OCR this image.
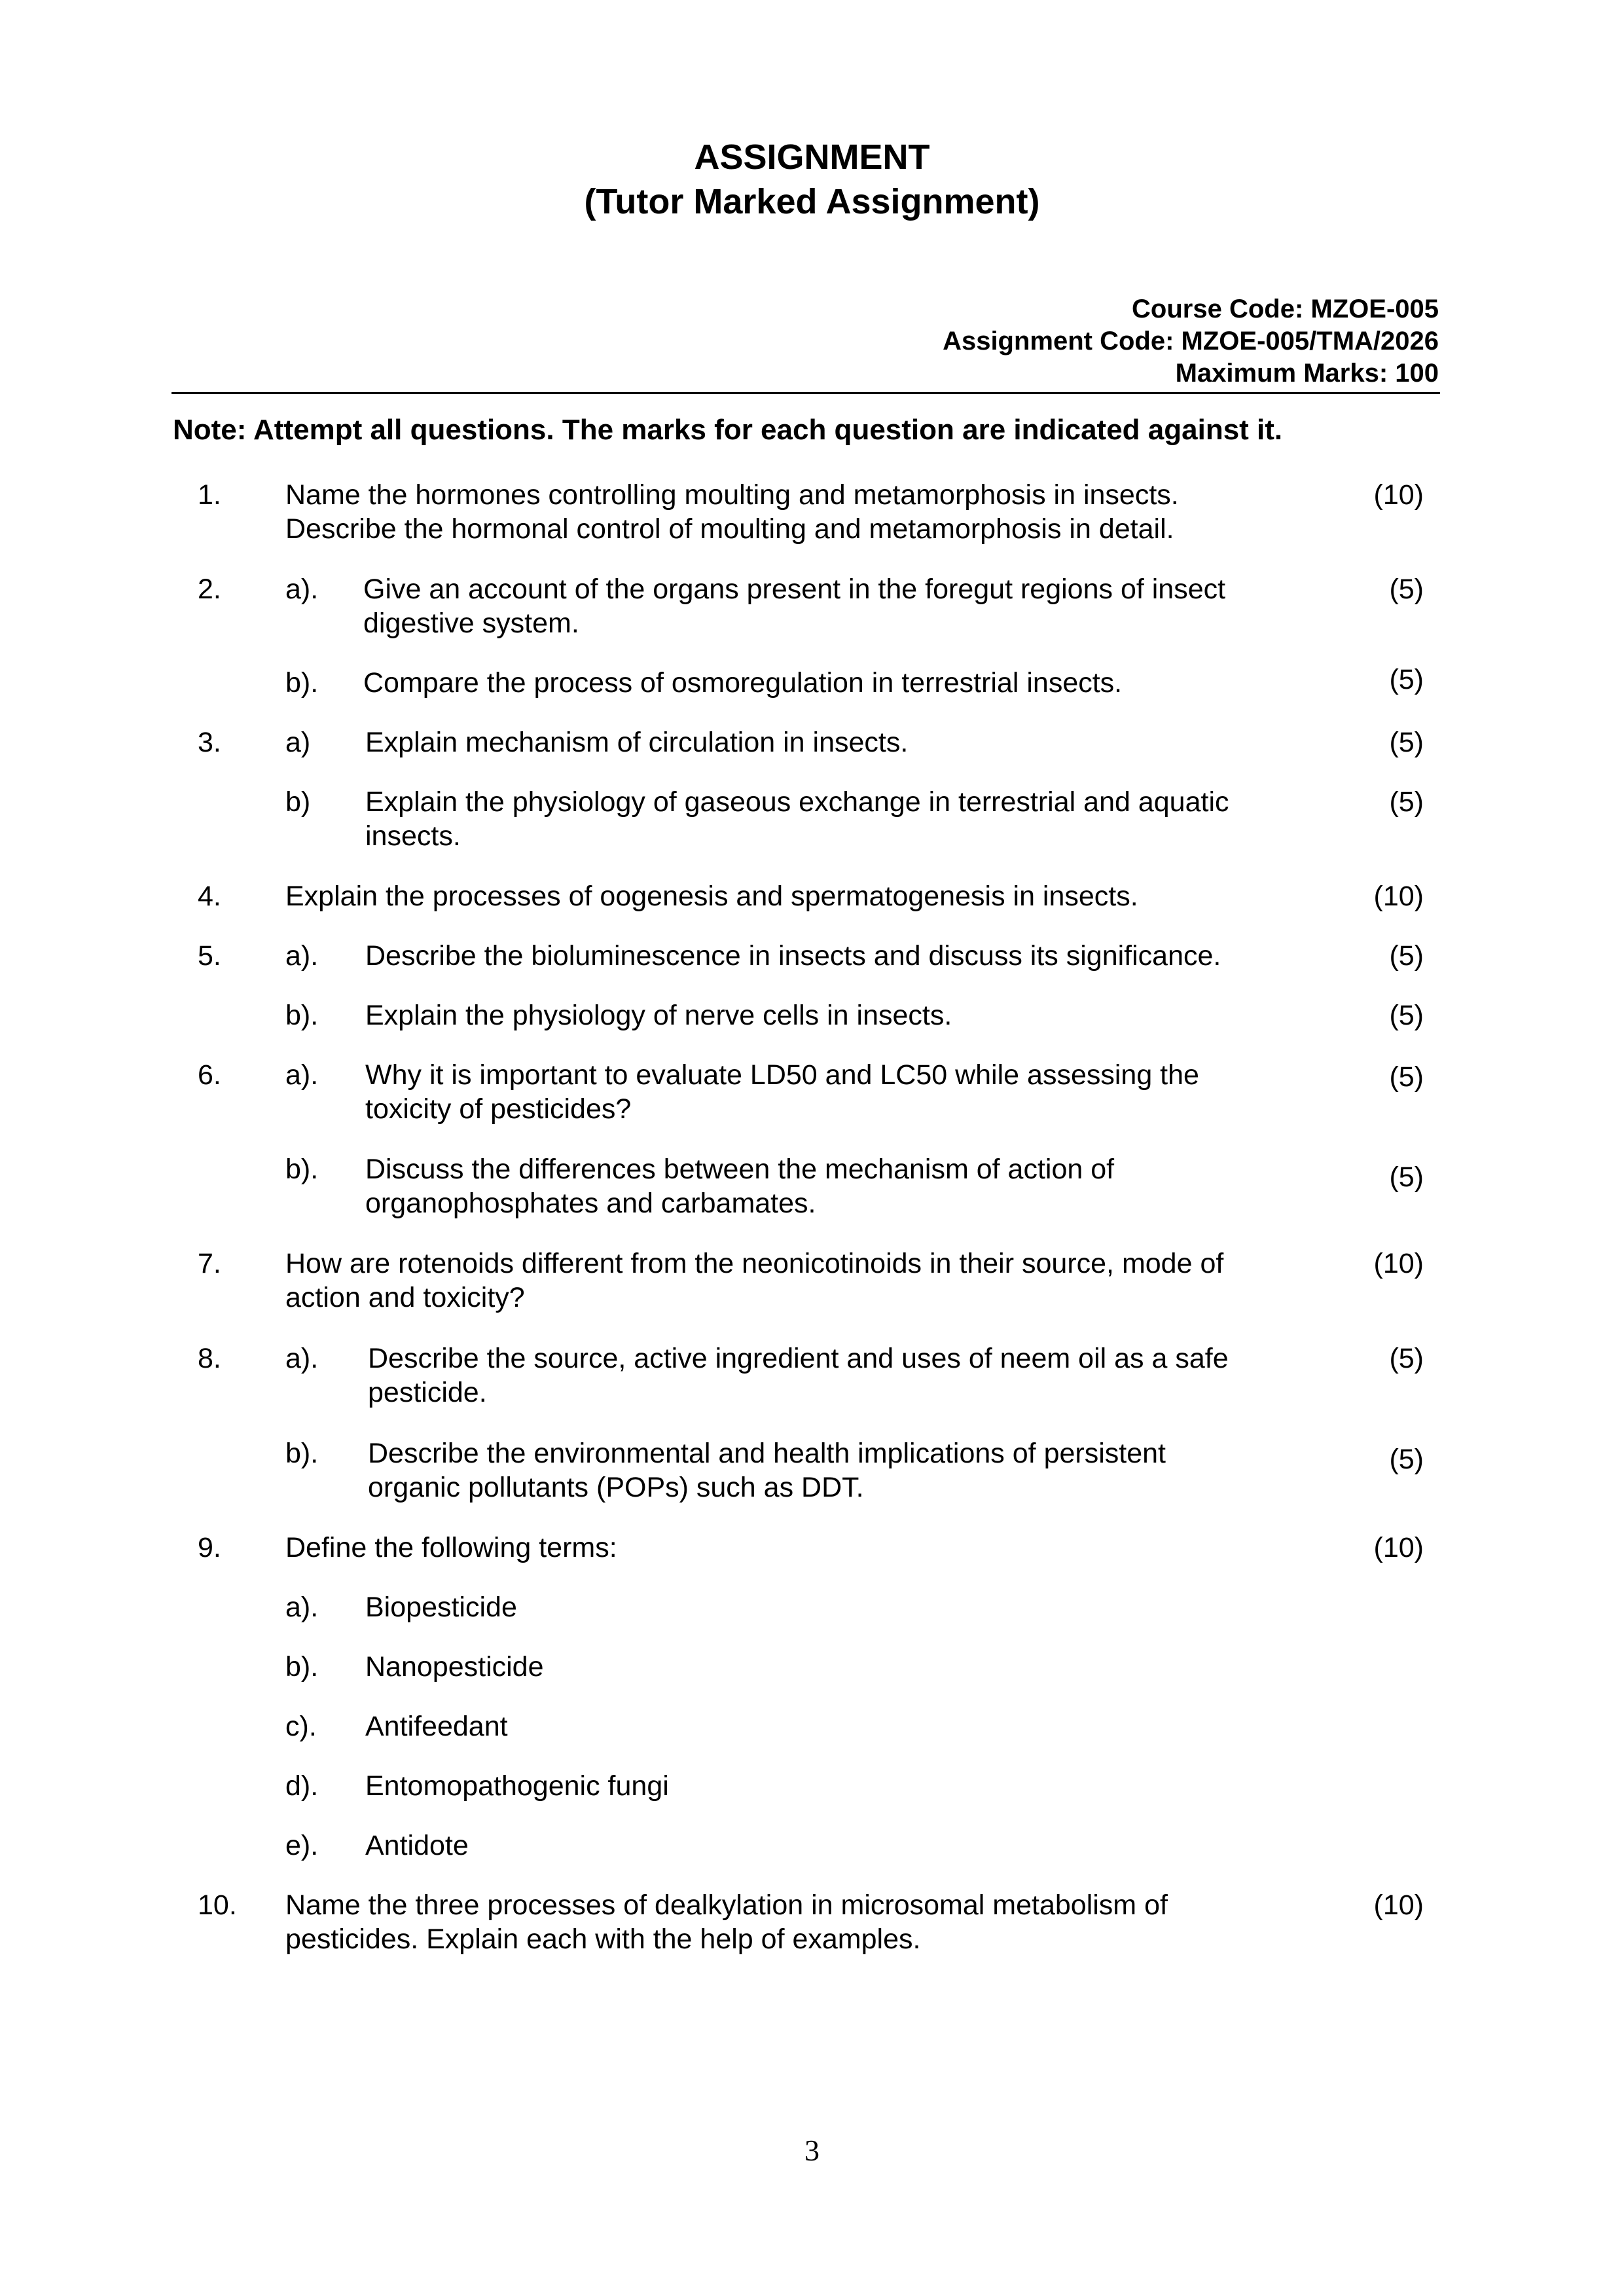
ASSIGNMENT
(Tutor Marked Assignment)
Course Code: MZOE-005
Assignment Code: MZOE-005/TMA/2026
Maximum Marks: 100
Note: Attempt all questions. The marks for each question are indicated against it.
1. Name the hormones controlling moulting and metamorphosis in insects.
Describe the hormonal control of moulting and metamorphosis in detail.
(10)
2. a). Give an account of the organs present in the foregut regions of insect
digestive system.
(5)
b). Compare the process of osmoregulation in terrestrial insects.	(5)
3. a) Explain mechanism of circulation in insects.	(5)
b) Explain the physiology of gaseous exchange in terrestrial and aquatic
insects.
(5)
4. Explain the processes of oogenesis and spermatogenesis in insects.	(10)
5. a). Describe the bioluminescence in insects and discuss its significance.	(5)
b). Explain the physiology of nerve cells in insects.	(5)
6. a). Why it is important to evaluate LD50 and LC50 while assessing the
toxicity of pesticides?
(5)
b). Discuss the differences between the mechanism of action of
organophosphates and carbamates.
(5)
7. How are rotenoids different from the neonicotinoids in their source, mode of
action and toxicity?
(10)
8. a). Describe the source, active ingredient and uses of neem oil as a safe
pesticide.
(5)
b). Describe the environmental and health implications of persistent
organic pollutants (POPs) such as DDT.
(5)
9. Define the following terms:	(10)
a). Biopesticide
b). Nanopesticide
c). Antifeedant
d). Entomopathogenic fungi
e). Antidote
10. Name the three processes of dealkylation in microsomal metabolism of
pesticides. Explain each with the help of examples.
(10)
3
